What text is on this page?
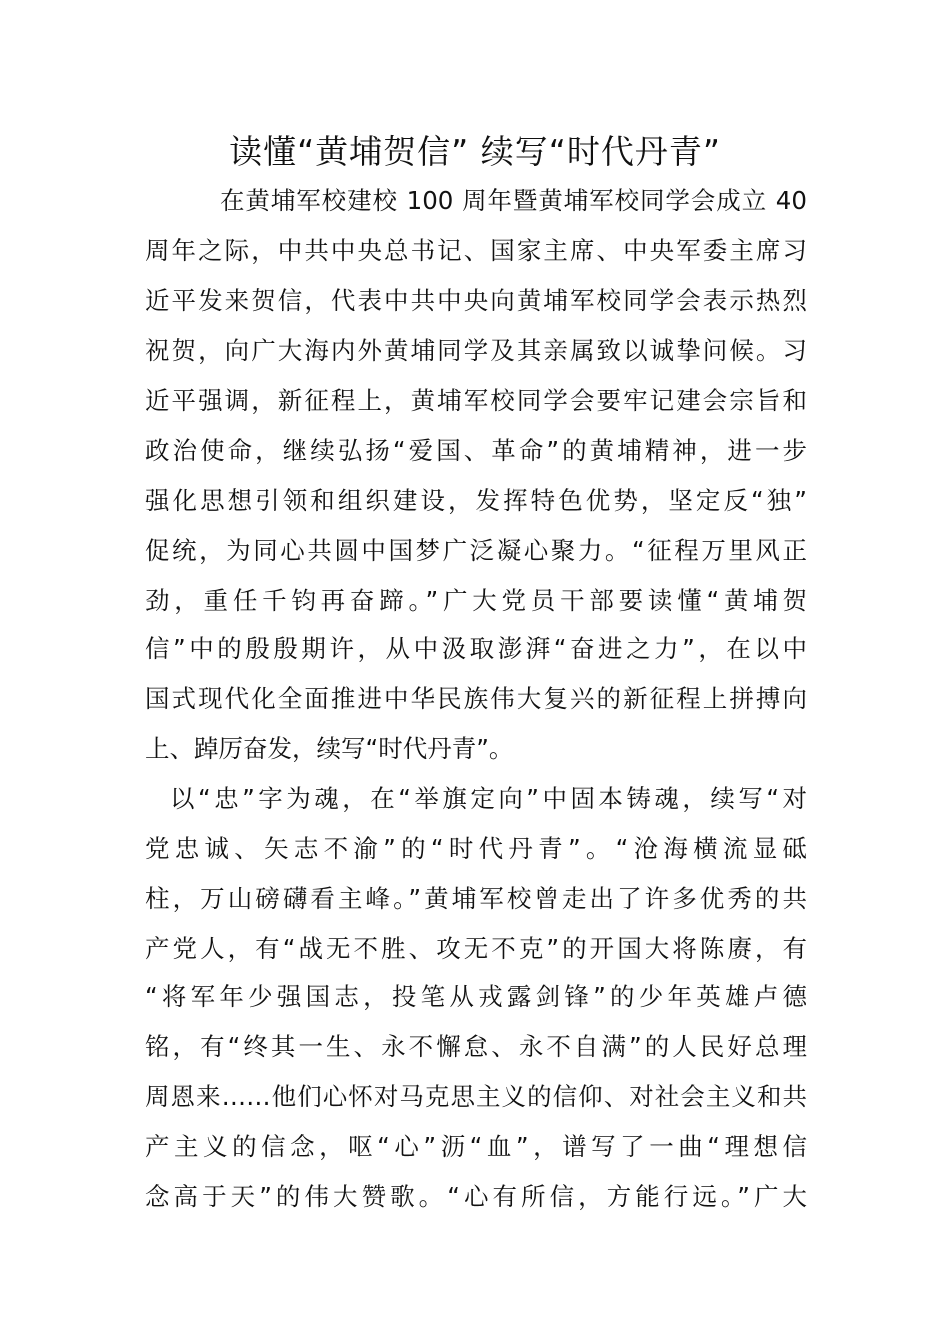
读懂“黄埔贺信” 续写“时代丹青”

在黄埔军校建校 100 周年暨黄埔军校同学会成立 40

周年之际，中共中央总书记、国家主席、中央军委主席习

近平发来贺信，代表中共中央向黄埔军校同学会表示热烈

祝贺，向广大海内外黄埔同学及其亲属致以诚挚问候。习

近平强调，新征程上，黄埔军校同学会要牢记建会宗旨和

政治使命，继续弘扬“爱国、革命”的黄埔精神，进一步

强化思想引领和组织建设，发挥特色优势，坚定反“独”

促统，为同心共圆中国梦广泛凝心聚力。“征程万里风正

劲，重任千钧再奋蹄。”广大党员干部要读懂“黄埔贺

信”中的殷殷期许，从中汲取澎湃“奋进之力”，在以中

国式现代化全面推进中华民族伟大复兴的新征程上拼搏向

上、踔厉奋发，续写“时代丹青”。

以“忠”字为魂，在“举旗定向”中固本铸魂，续写“对

党忠诚、矢志不渝”的“时代丹青”。“沧海横流显砥

柱，万山磅礴看主峰。”黄埔军校曾走出了许多优秀的共

产党人，有“战无不胜、攻无不克”的开国大将陈赓，有

“将军年少强国志，投笔从戎露剑锋”的少年英雄卢德

铭，有“终其一生、永不懈怠、永不自满”的人民好总理

周恩来……他们心怀对马克思主义的信仰、对社会主义和共

产主义的信念，呕“心”沥“血”，谱写了一曲“理想信

念高于天”的伟大赞歌。“心有所信，方能行远。”广大
